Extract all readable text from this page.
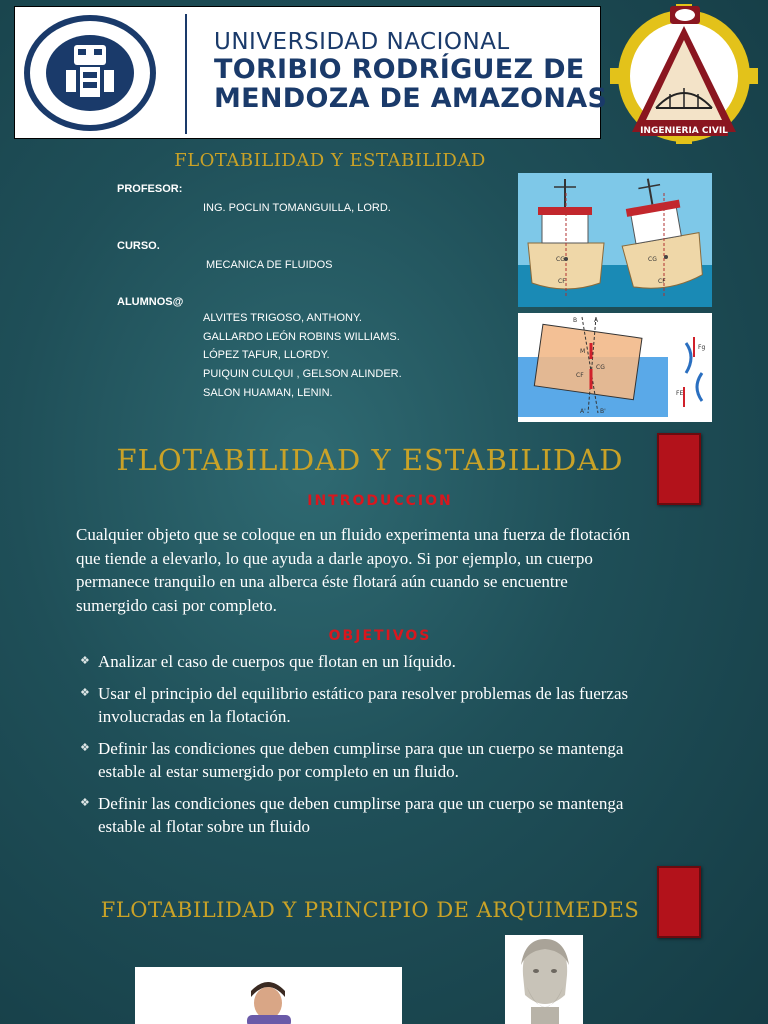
UNIVERSIDAD NACIONAL
TORIBIO RODRÍGUEZ DE
MENDOZA DE AMAZONAS
INGENIERIA CIVIL
FLOTABILIDAD Y ESTABILIDAD
PROFESOR:
ING. POCLIN TOMANGUILLA, LORD.
CURSO.
MECANICA DE FLUIDOS
ALUMNOS@
ALVITES TRIGOSO, ANTHONY.
GALLARDO LEÓN ROBINS WILLIAMS.
LÓPEZ TAFUR, LLORDY.
PUIQUIN CULQUI , GELSON ALINDER.
SALON HUAMAN, LENIN.
CG
CF
CG
CF
B	A
M
A' B'
CG
CF
Fg
FE
FLOTABILIDAD Y ESTABILIDAD
INTRODUCCION
Cualquier objeto que se coloque en un fluido experimenta una fuerza de flotación que tiende a elevarlo, lo que ayuda a darle apoyo. Si por ejemplo, un cuerpo permanece tranquilo en una alberca éste flotará aún cuando se encuentre sumergido casi por completo.
OBJETIVOS
❖ Analizar el caso de cuerpos que flotan en un líquido.
❖ Usar el principio del equilibrio estático para resolver problemas de las fuerzas involucradas en la flotación.
❖ Definir las condiciones que deben cumplirse para que un cuerpo se mantenga estable al estar sumergido por completo en un fluido.
❖ Definir las condiciones que deben cumplirse para que un cuerpo se mantenga estable al flotar sobre un fluido
FLOTABILIDAD Y PRINCIPIO DE ARQUIMEDES
